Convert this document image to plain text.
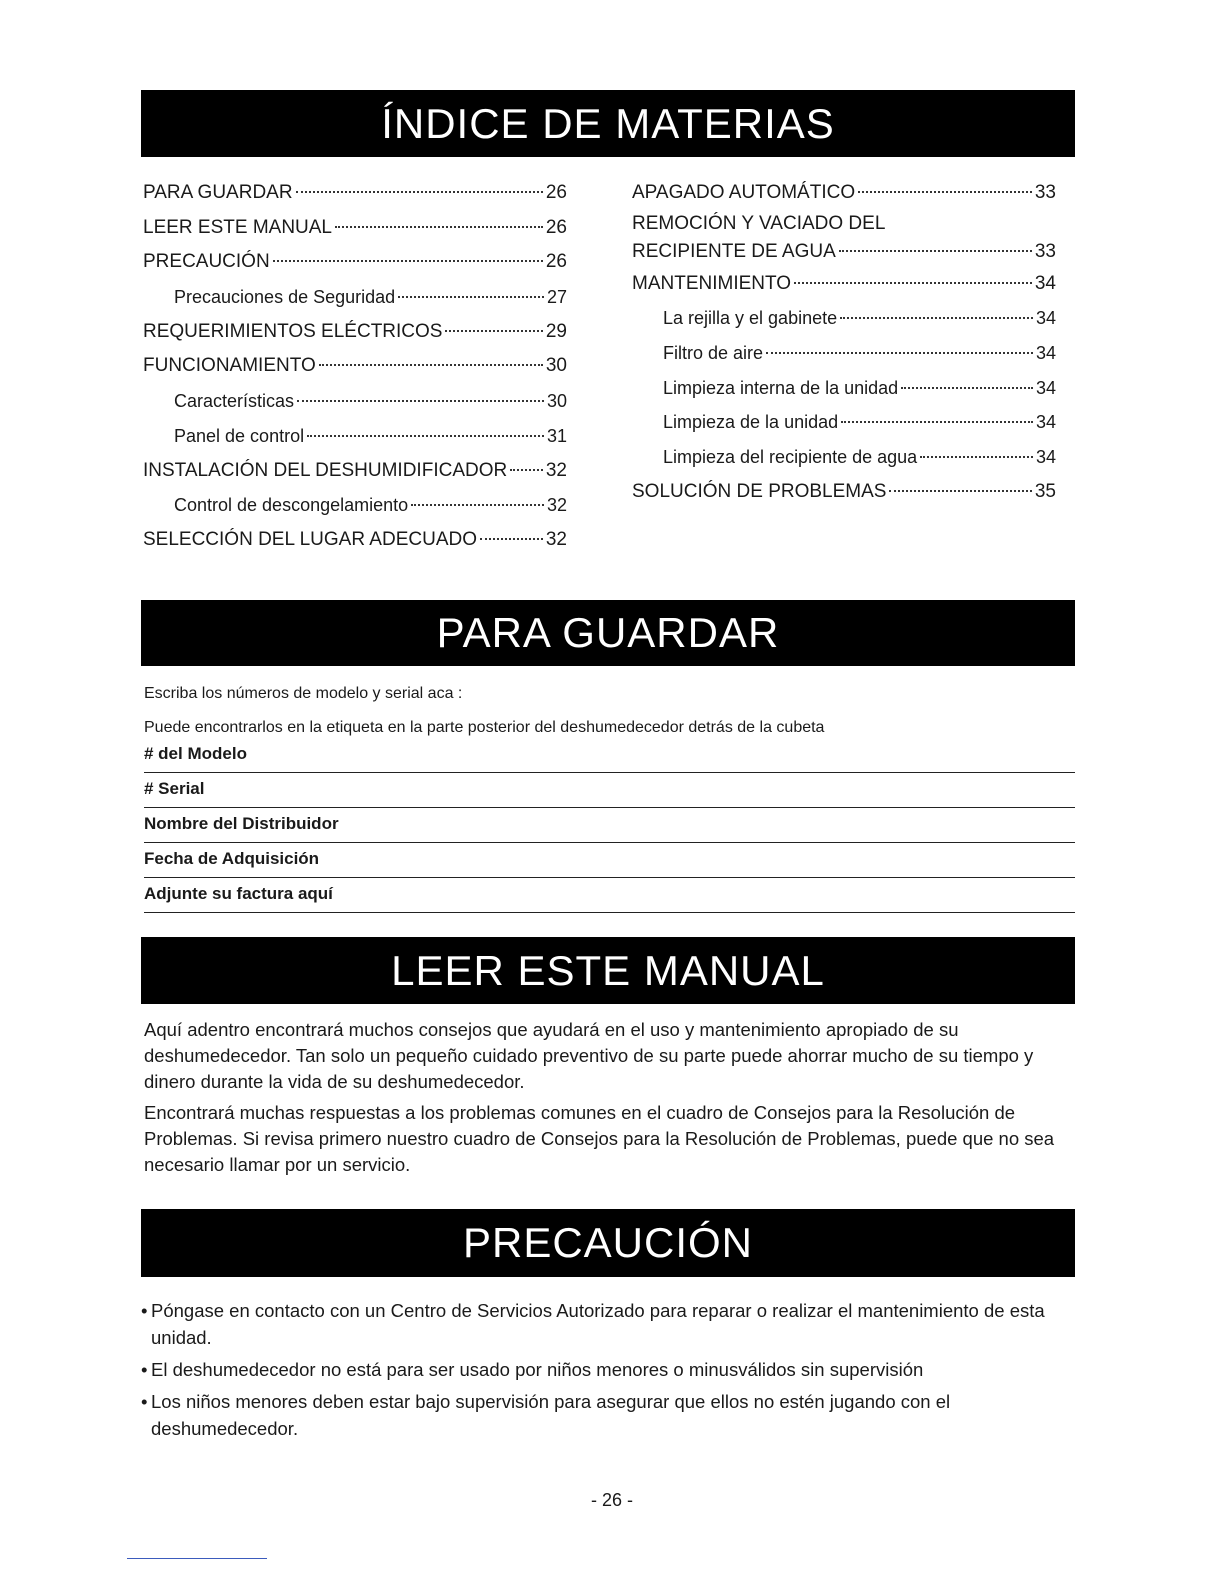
ÍNDICE DE MATERIAS
PARA GUARDAR	26
LEER ESTE MANUAL	26
PRECAUCIÓN	26
Precauciones de Seguridad	27
REQUERIMIENTOS ELÉCTRICOS	29
FUNCIONAMIENTO	30
Características	30
Panel de control	31
INSTALACIÓN DEL DESHUMIDIFICADOR 32
Control de descongelamiento	32
SELECCIÓN DEL LUGAR ADECUADO	32
APAGADO AUTOMÁTICO	33
REMOCIÓN Y VACIADO DEL
RECIPIENTE DE AGUA	33
MANTENIMIENTO	34
La rejilla y el gabinete	34
Filtro de aire	34
Limpieza interna de la unidad	34
Limpieza de la unidad	34
Limpieza del recipiente de agua	34
SOLUCIÓN DE PROBLEMAS	35
PARA GUARDAR
Escriba los números de modelo y serial aca :
Puede encontrarlos en la etiqueta en la parte posterior del deshumedecedor detrás de la cubeta
# del Modelo
# Serial
Nombre del Distribuidor
Fecha de Adquisición
Adjunte su factura aquí
LEER ESTE MANUAL

Aquí adentro encontrará muchos consejos que ayudará en el uso y mantenimiento apropiado de su deshumedecedor. Tan solo un pequeño cuidado preventivo de su parte puede ahorrar mucho de su tiempo y dinero durante la vida de su deshumedecedor.

Encontrará muchas respuestas a los problemas comunes en el cuadro de Consejos para la Resolución de Problemas. Si revisa primero nuestro cuadro de Consejos para la Resolución de Problemas, puede que no sea necesario llamar por un servicio.

PRECAUCIÓN
• Póngase en contacto con un Centro de Servicios Autorizado para reparar o realizar el mantenimiento de esta unidad.
• El deshumedecedor no está para ser usado por niños menores o minusválidos sin supervisión
• Los niños menores deben estar bajo supervisión para asegurar que ellos no estén jugando con el deshumedecedor.
- 26 -
